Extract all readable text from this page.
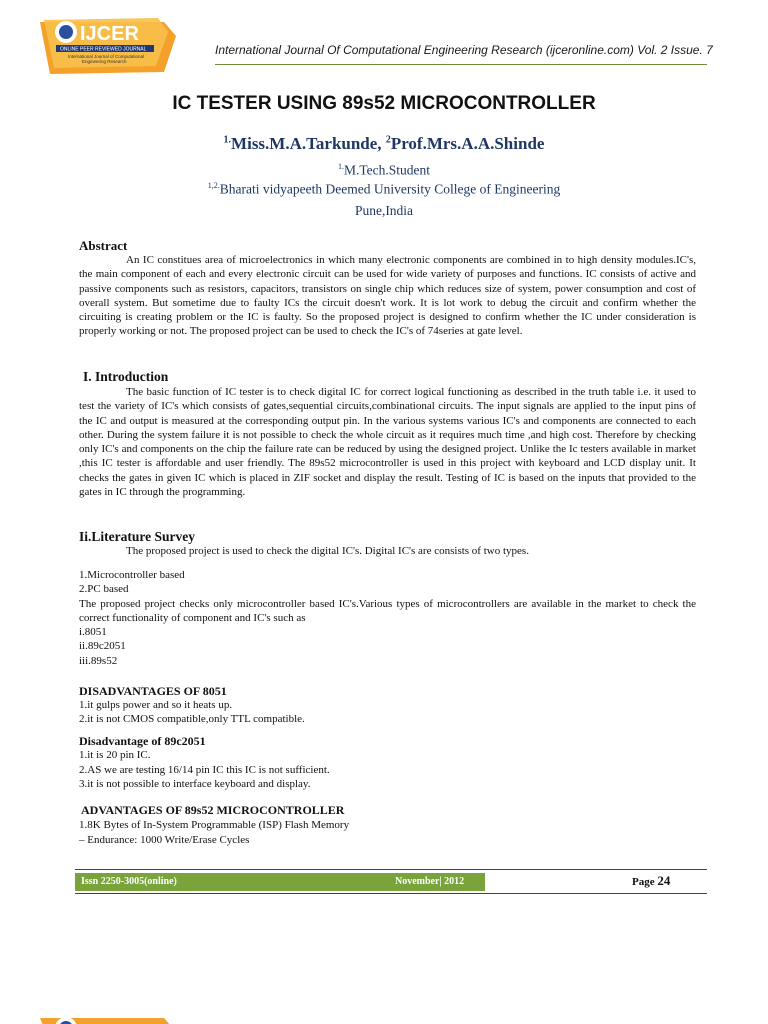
IJCER
ONLINE PEER REVIEWED JOURNAL
International Journal of Computational
Engineering Research
International Journal Of Computational Engineering Research (ijceronline.com) Vol. 2 Issue. 7
IC TESTER USING 89s52 MICROCONTROLLER
$^{1.}$Miss.M.A.Tarkunde, $^2$Prof.Mrs.A.A.Shinde
$^{1.}$M.Tech.Student
$^{1,2.}$Bharati vidyapeeth Deemed University College of Engineering
Pune,India
Abstract
An IC constitues area of microelectronics in which many electronic components are combined in to high density modules.IC's, the main component of each and every electronic circuit can be used for wide variety of purposes and functions. IC consists of active and passive components such as resistors, capacitors, transistors on single chip which reduces size of system, power consumption and cost of overall system. But sometime due to faulty ICs the circuit doesn't work. It is lot work to debug the circuit and confirm whether the circuiting is creating problem or the IC is faulty. So the proposed project is designed to confirm whether the IC under consideration is properly working or not. The proposed project can be used to check the IC's of 74series at gate level.
I. Introduction
The basic function of IC tester is to check digital IC for correct logical functioning as described in the truth table i.e. it used to test the variety of IC's which consists of gates,sequential circuits,combinational circuits. The input signals are applied to the input pins of the IC and output is measured at the corresponding output pin. In the various systems various IC's and components are connected to each other. During the system failure it is not possible to check the whole circuit as it requires much time ,and high cost. Therefore by checking only IC's and components on the chip the failure rate can be reduced by using the designed project. Unlike the Ic testers available in market ,this IC tester is affordable and user friendly. The 89s52 microcontroller is used in this project with keyboard and LCD display unit. It checks the gates in given IC which is placed in ZIF socket and display the result. Testing of IC is based on the inputs that provided to the gates in IC through the programming.
Ii.Literature Survey
The proposed project is used to check the digital IC's. Digital IC's are consists of two types.
1.Microcontroller based
2.PC based
The proposed project checks only microcontroller based IC's.Various types of microcontrollers are available in the market to check the correct functionality of component and IC's such as
i.8051
ii.89c2051
iii.89s52
DISADVANTAGES OF 8051
1.it gulps power and so it heats up.
2.it is not CMOS compatible,only TTL compatible.
Disadvantage of 89c2051
1.it is 20 pin IC.
2.AS we are testing 16/14 pin IC this IC is not sufficient.
3.it is not possible to interface keyboard and display.
ADVANTAGES OF 89s52 MICROCONTROLLER
1.8K Bytes of In-System Programmable (ISP) Flash Memory
– Endurance: 1000 Write/Erase Cycles
Issn 2250-3005(online)	November| 2012	Page 24
